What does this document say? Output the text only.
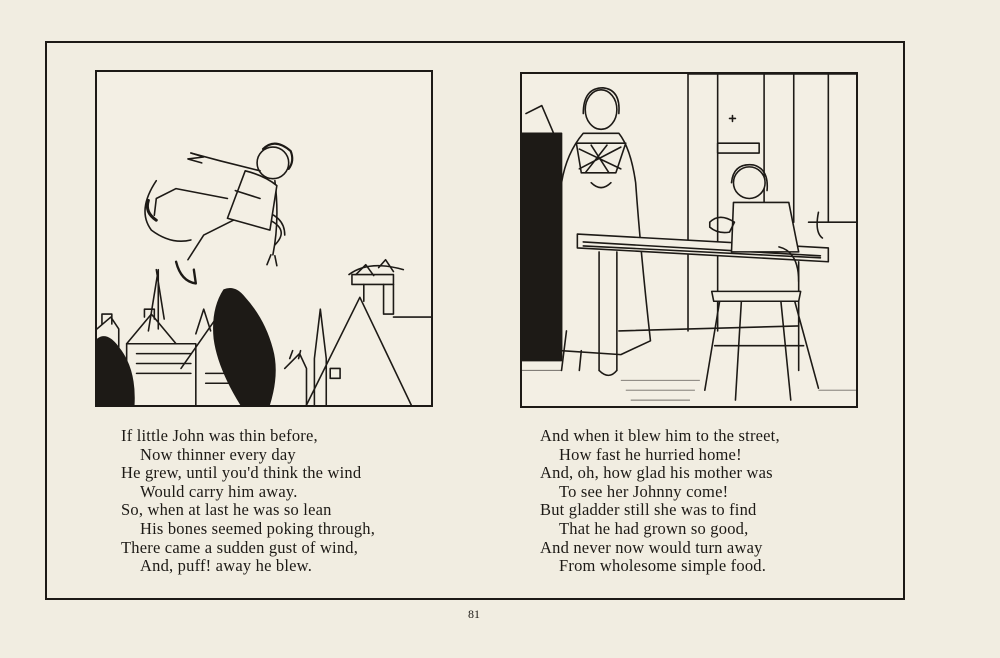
If little John was thin before,
Now thinner every day
He grew, until you'd think the wind
Would carry him away.
So, when at last he was so lean
His bones seemed poking through,
There came a sudden gust of wind,
And, puff! away he blew.
And when it blew him to the street,
How fast he hurried home!
And, oh, how glad his mother was
To see her Johnny come!
But gladder still she was to find
That he had grown so good,
And never now would turn away
From wholesome simple food.
81
